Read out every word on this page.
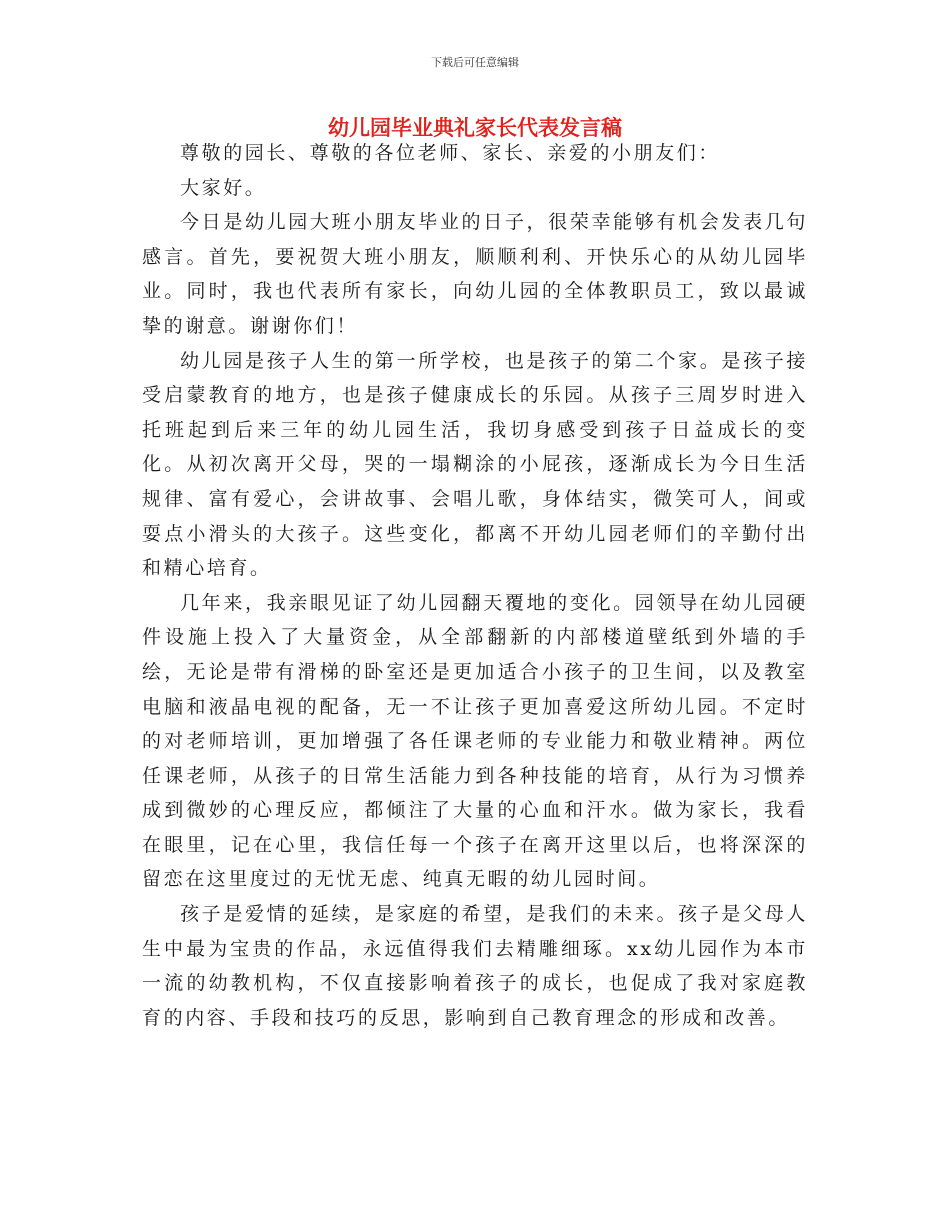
下载后可任意编辑
幼儿园毕业典礼家长代表发言稿

尊敬的园长、尊敬的各位老师、家长、亲爱的小朋友们：

大家好。

今日是幼儿园大班小朋友毕业的日子，很荣幸能够有机会发表几句感言。首先，要祝贺大班小朋友，顺顺利利、开快乐心的从幼儿园毕业。同时，我也代表所有家长，向幼儿园的全体教职员工，致以最诚挚的谢意。谢谢你们！

幼儿园是孩子人生的第一所学校，也是孩子的第二个家。是孩子接受启蒙教育的地方，也是孩子健康成长的乐园。从孩子三周岁时进入托班起到后来三年的幼儿园生活，我切身感受到孩子日益成长的变化。从初次离开父母，哭的一塌糊涂的小屁孩，逐渐成长为今日生活规律、富有爱心，会讲故事、会唱儿歌，身体结实，微笑可人，间或耍点小滑头的大孩子。这些变化，都离不开幼儿园老师们的辛勤付出和精心培育。

几年来，我亲眼见证了幼儿园翻天覆地的变化。园领导在幼儿园硬件设施上投入了大量资金，从全部翻新的内部楼道壁纸到外墙的手绘，无论是带有滑梯的卧室还是更加适合小孩子的卫生间，以及教室电脑和液晶电视的配备，无一不让孩子更加喜爱这所幼儿园。不定时的对老师培训，更加增强了各任课老师的专业能力和敬业精神。两位任课老师，从孩子的日常生活能力到各种技能的培育，从行为习惯养成到微妙的心理反应，都倾注了大量的心血和汗水。做为家长，我看在眼里，记在心里，我信任每一个孩子在离开这里以后，也将深深的留恋在这里度过的无忧无虑、纯真无暇的幼儿园时间。

孩子是爱情的延续，是家庭的希望，是我们的未来。孩子是父母人生中最为宝贵的作品，永远值得我们去精雕细琢。xx幼儿园作为本市一流的幼教机构，不仅直接影响着孩子的成长，也促成了我对家庭教育的内容、手段和技巧的反思，影响到自己教育理念的形成和改善。
